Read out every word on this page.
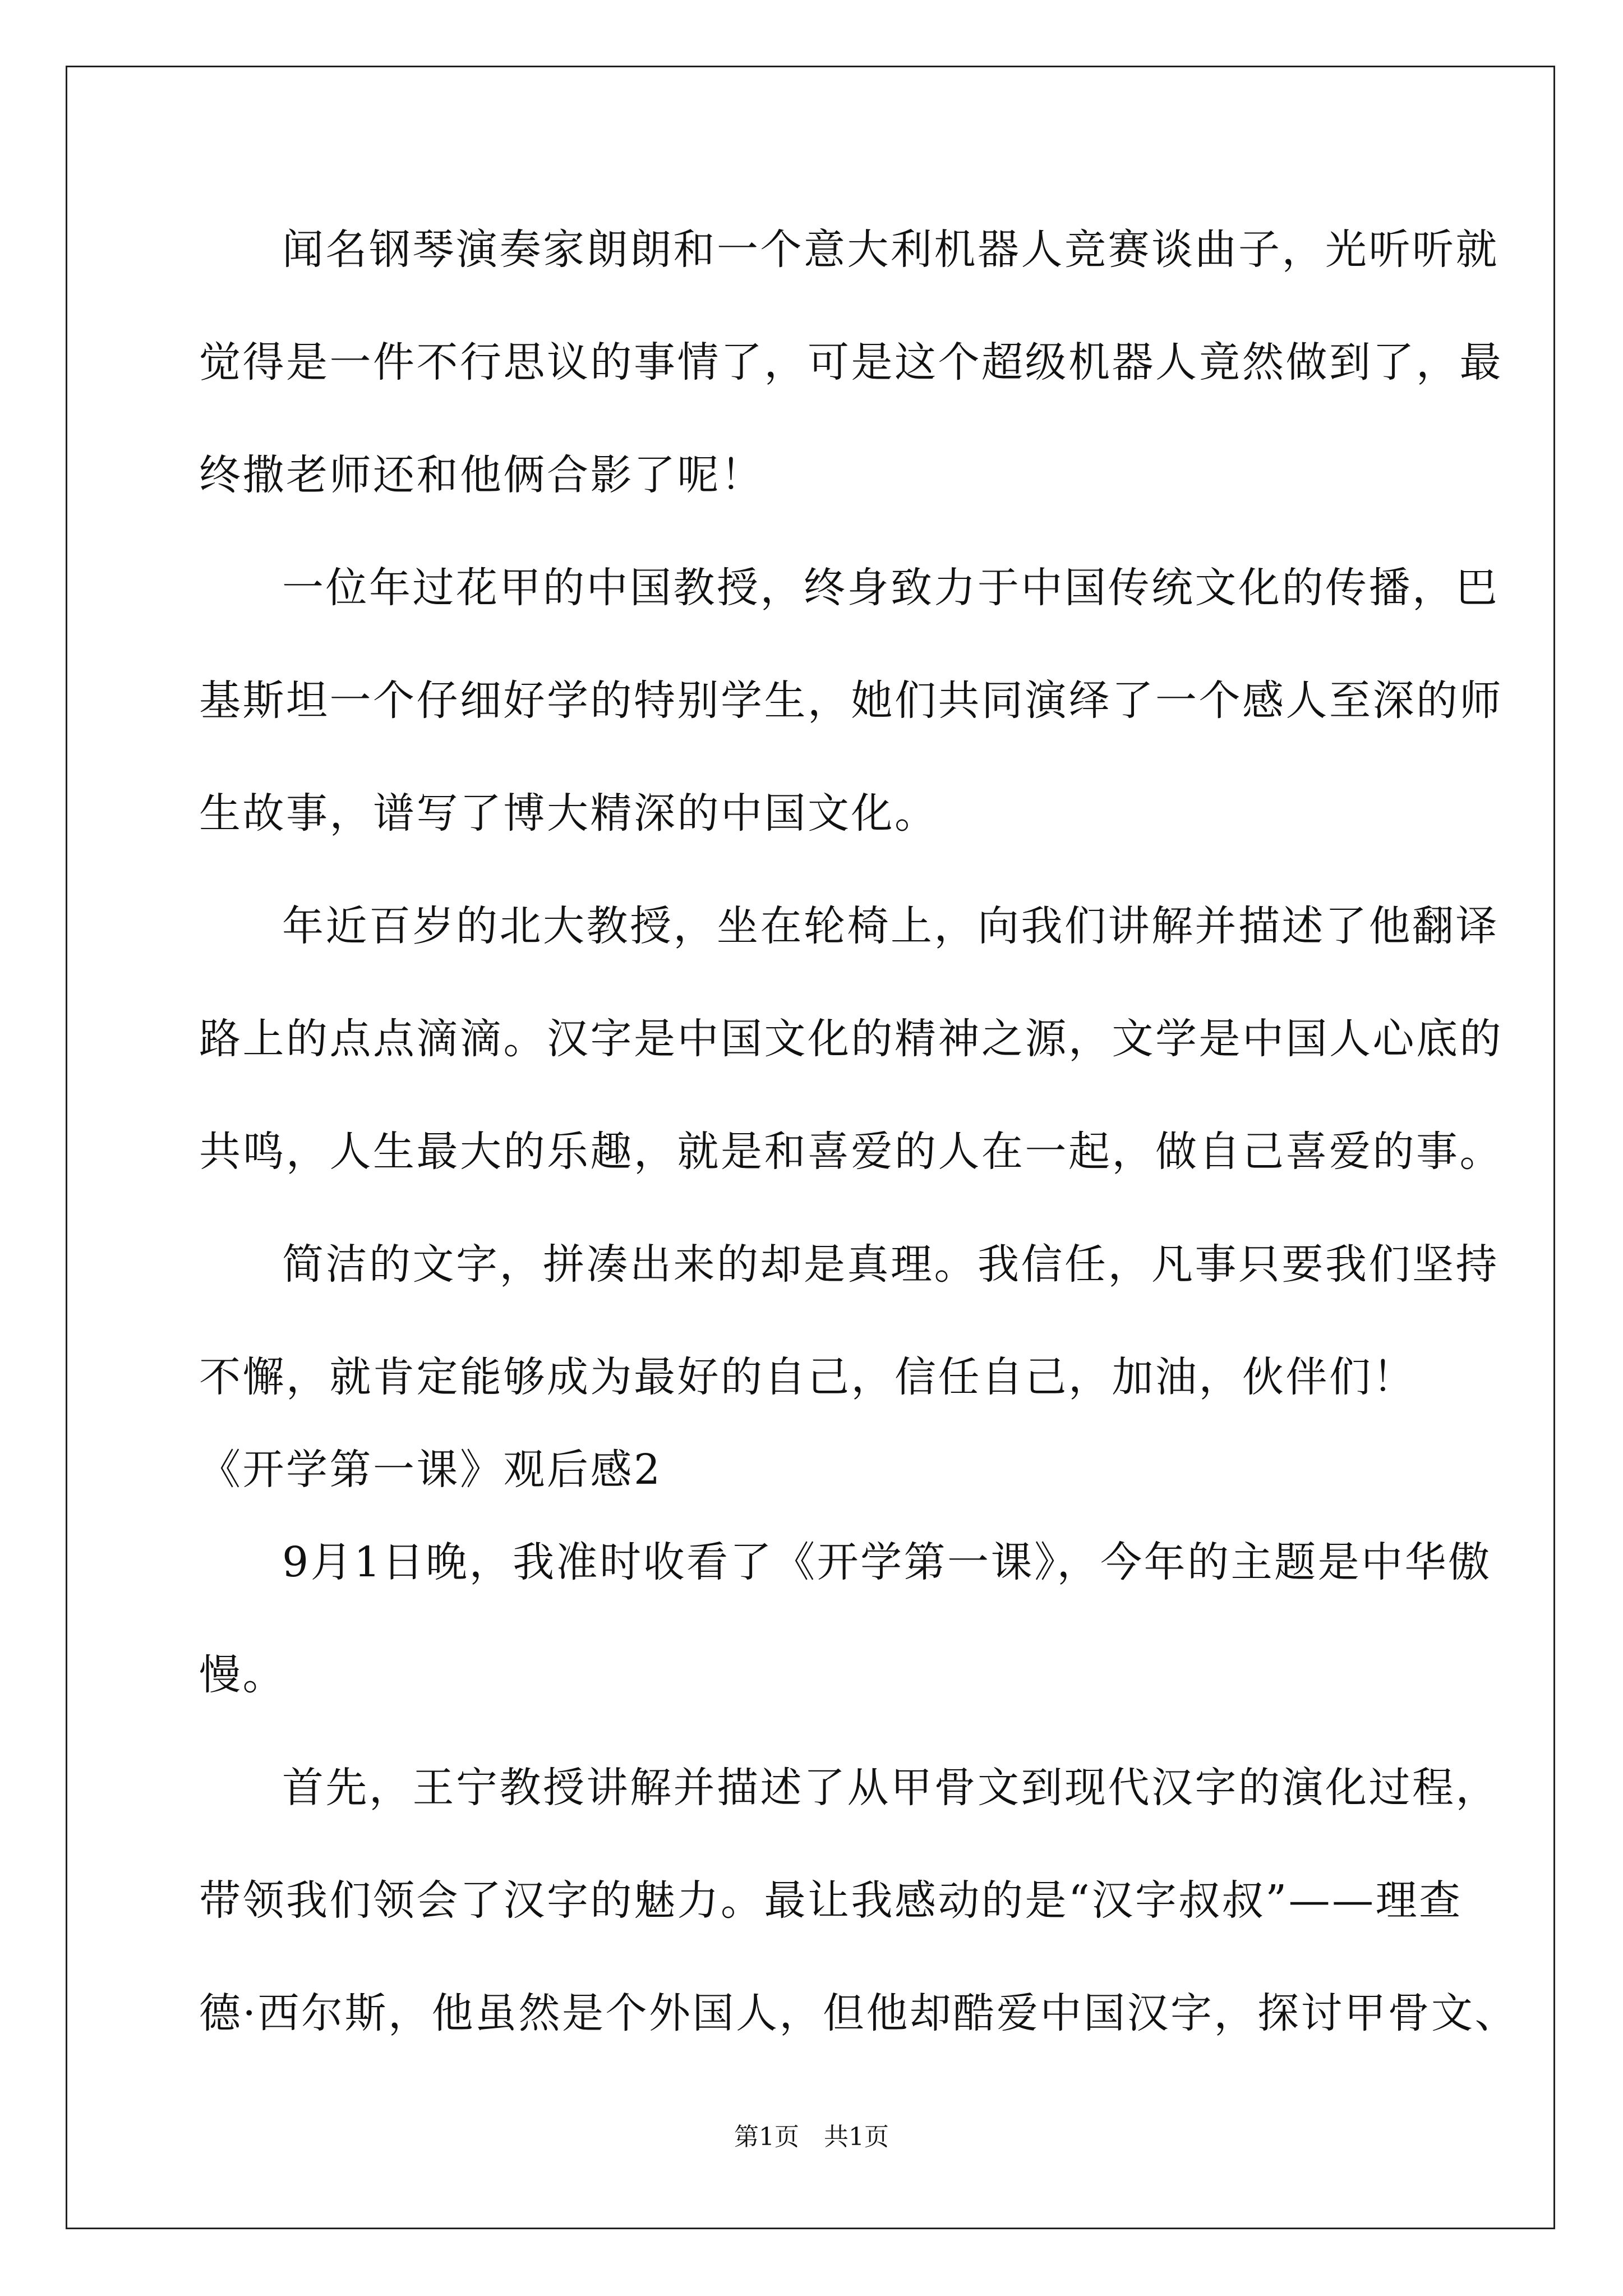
闻名钢琴演奏家朗朗和一个意大利机器人竞赛谈曲子，光听听就
觉得是一件不行思议的事情了，可是这个超级机器人竟然做到了，最
终撒老师还和他俩合影了呢！
一位年过花甲的中国教授，终身致力于中国传统文化的传播，巴
基斯坦一个仔细好学的特别学生，她们共同演绎了一个感人至深的师
生故事，谱写了博大精深的中国文化。
年近百岁的北大教授，坐在轮椅上，向我们讲解并描述了他翻译
路上的点点滴滴。汉字是中国文化的精神之源，文学是中国人心底的
共鸣，人生最大的乐趣，就是和喜爱的人在一起，做自己喜爱的事。
简洁的文字，拼凑出来的却是真理。我信任，凡事只要我们坚持
不懈，就肯定能够成为最好的自己，信任自己，加油，伙伴们！
《开学第一课》观后感2
9月1日晚，我准时收看了《开学第一课》，今年的主题是中华傲
慢。
首先，王宁教授讲解并描述了从甲骨文到现代汉字的演化过程，
带领我们领会了汉字的魅力。最让我感动的是“汉字叔叔”——理查
德·西尔斯，他虽然是个外国人，但他却酷爱中国汉字，探讨甲骨文、
第1页　共1页
